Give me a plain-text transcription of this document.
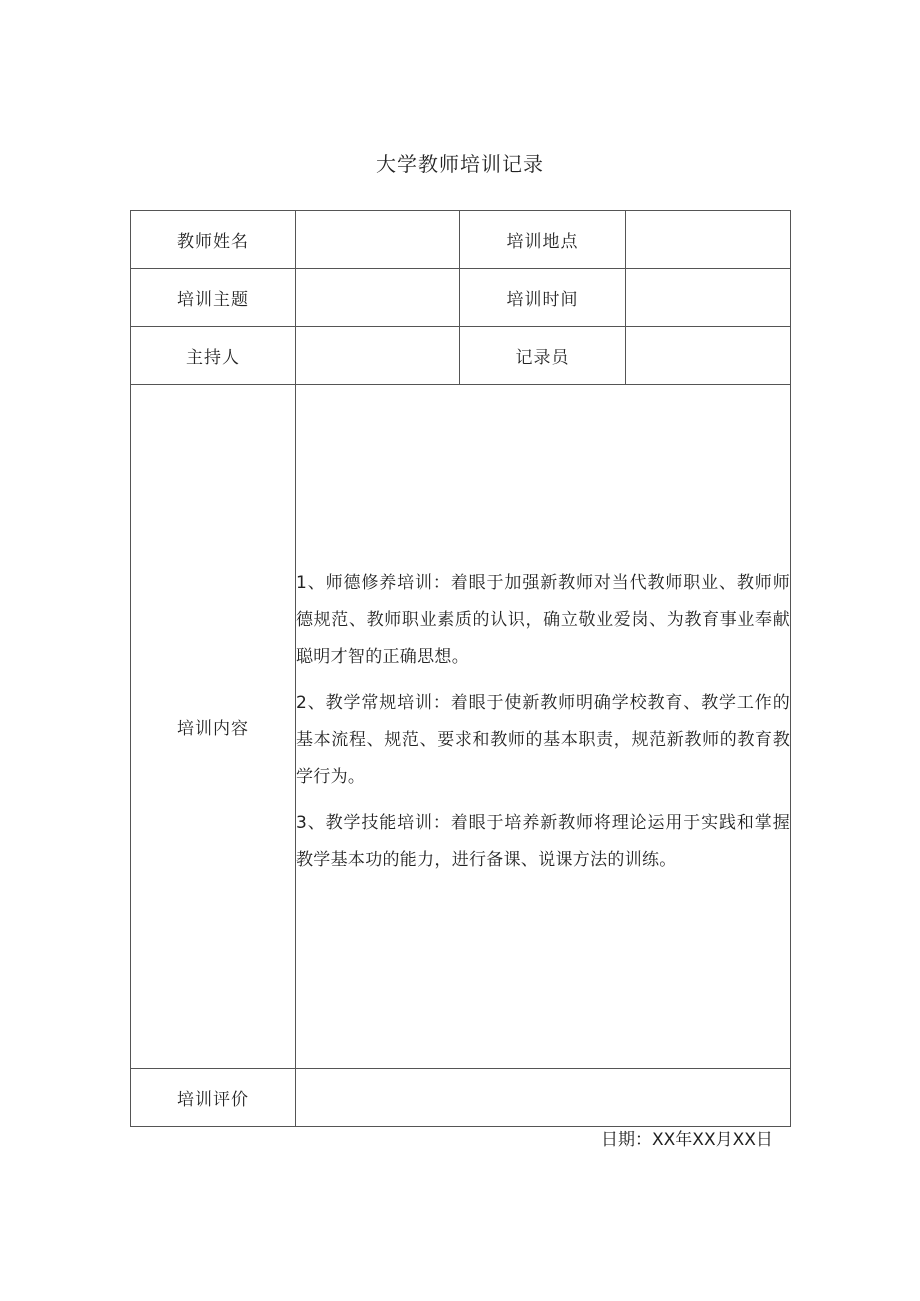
大学教师培训记录
教师姓名		培训地点	
培训主题		培训时间	
主持人		记录员	
培训内容	1、师德修养培训：着眼于加强新教师对当代教师职业、教师师德规范、教师职业素质的认识，确立敬业爱岗、为教育事业奉献聪明才智的正确思想。

2、教学常规培训：着眼于使新教师明确学校教育、教学工作的基本流程、规范、要求和教师的基本职责，规范新教师的教育教学行为。

3、教学技能培训：着眼于培养新教师将理论运用于实践和掌握教学基本功的能力，进行备课、说课方法的训练。		

培训评价			
日期：XX年XX月XX日
